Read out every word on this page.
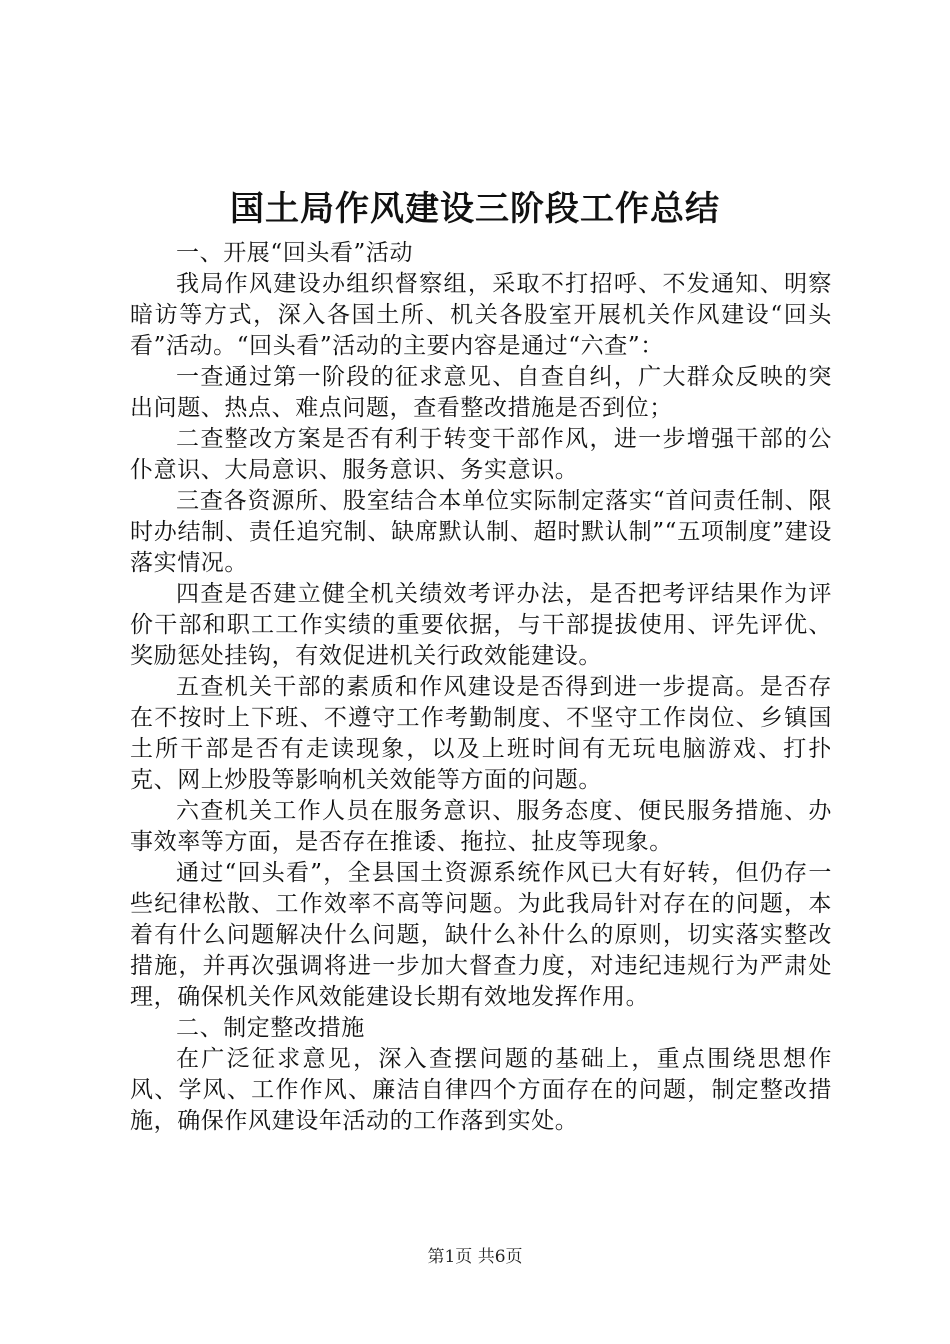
国土局作风建设三阶段工作总结

一、开展“回头看”活动

我局作风建设办组织督察组，采取不打招呼、不发通知、明察暗访等方式，深入各国土所、机关各股室开展机关作风建设“回头看”活动。“回头看”活动的主要内容是通过“六查”：

一查通过第一阶段的征求意见、自查自纠，广大群众反映的突出问题、热点、难点问题，查看整改措施是否到位；

二查整改方案是否有利于转变干部作风，进一步增强干部的公仆意识、大局意识、服务意识、务实意识。

三查各资源所、股室结合本单位实际制定落实“首问责任制、限时办结制、责任追究制、缺席默认制、超时默认制”“五项制度”建设落实情况。

四查是否建立健全机关绩效考评办法，是否把考评结果作为评价干部和职工工作实绩的重要依据，与干部提拔使用、评先评优、奖励惩处挂钩，有效促进机关行政效能建设。

五查机关干部的素质和作风建设是否得到进一步提高。是否存在不按时上下班、不遵守工作考勤制度、不坚守工作岗位、乡镇国土所干部是否有走读现象，以及上班时间有无玩电脑游戏、打扑克、网上炒股等影响机关效能等方面的问题。

六查机关工作人员在服务意识、服务态度、便民服务措施、办事效率等方面，是否存在推诿、拖拉、扯皮等现象。

通过“回头看”，全县国土资源系统作风已大有好转，但仍存一些纪律松散、工作效率不高等问题。为此我局针对存在的问题，本着有什么问题解决什么问题，缺什么补什么的原则，切实落实整改措施，并再次强调将进一步加大督查力度，对违纪违规行为严肃处理，确保机关作风效能建设长期有效地发挥作用。

二、制定整改措施

在广泛征求意见，深入查摆问题的基础上，重点围绕思想作风、学风、工作作风、廉洁自律四个方面存在的问题，制定整改措施，确保作风建设年活动的工作落到实处。

第1页 共6页
